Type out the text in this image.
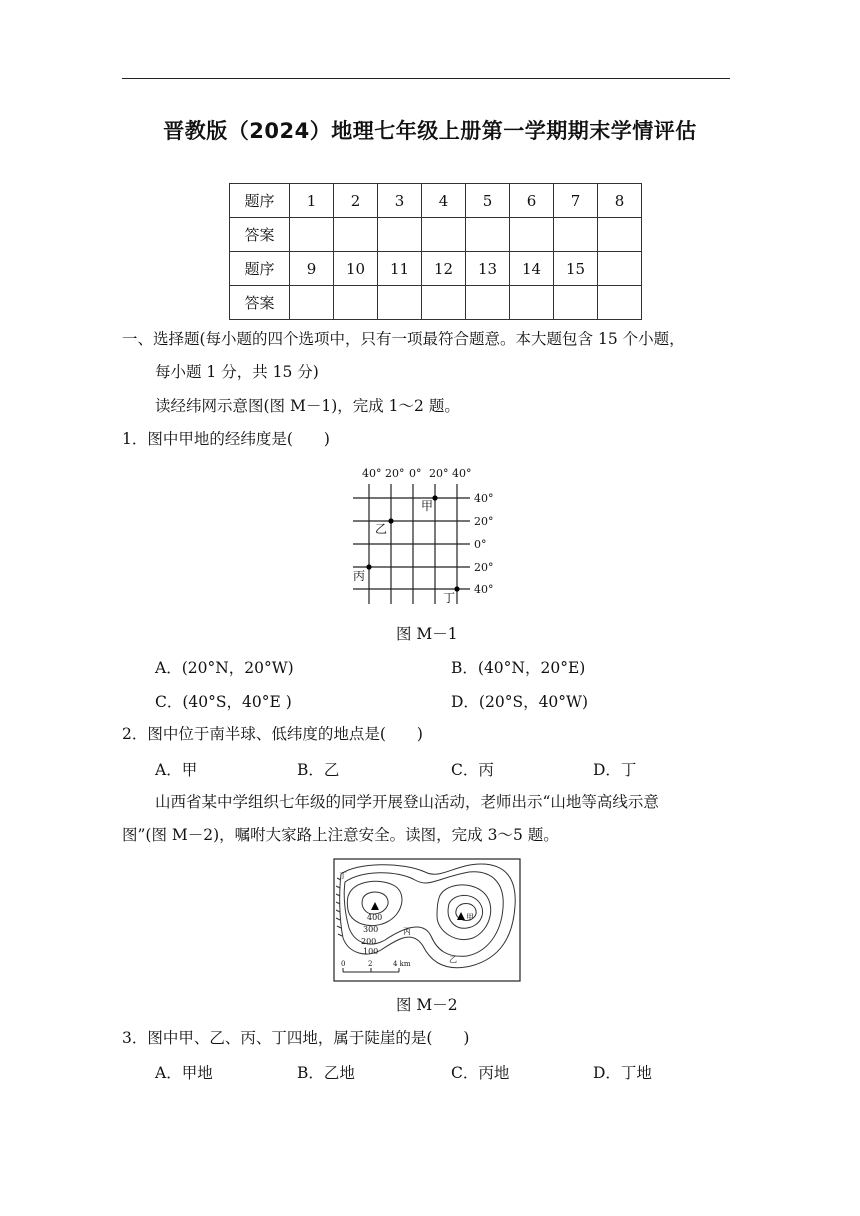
晋教版（2024）地理七年级上册第一学期期末学情评估
题序	1	2	3	4	5	6	7	8
答案								
题序	9	10	11	12	13	14	15	
答案								
一、选择题(每小题的四个选项中，只有一项最符合题意。本大题包含 15 个小题，
每小题 1 分，共 15 分)
读经纬网示意图(图 M－1)，完成 1～2 题。
1．图中甲地的经纬度是(　　)
40° 20° 0° 20° 40°
40°
20°
0°
20°
40°
甲
乙
丙
丁
图 M－1
A．(20°N，20°W)	B．(40°N，20°E)
C．(40°S，40°E )	D．(20°S，40°W)
2．图中位于南半球、低纬度的地点是(　　)
A．甲	B．乙	C．丙	D．丁
山西省某中学组织七年级的同学开展登山活动，老师出示“山地等高线示意
图”(图 M－2)，嘱咐大家路上注意安全。读图，完成 3～5 题。
400
300
200
100
甲
乙
丙
丁
0	2	4 km
图 M－2
3．图中甲、乙、丙、丁四地，属于陡崖的是(　　)
A．甲地	B．乙地	C．丙地	D．丁地
